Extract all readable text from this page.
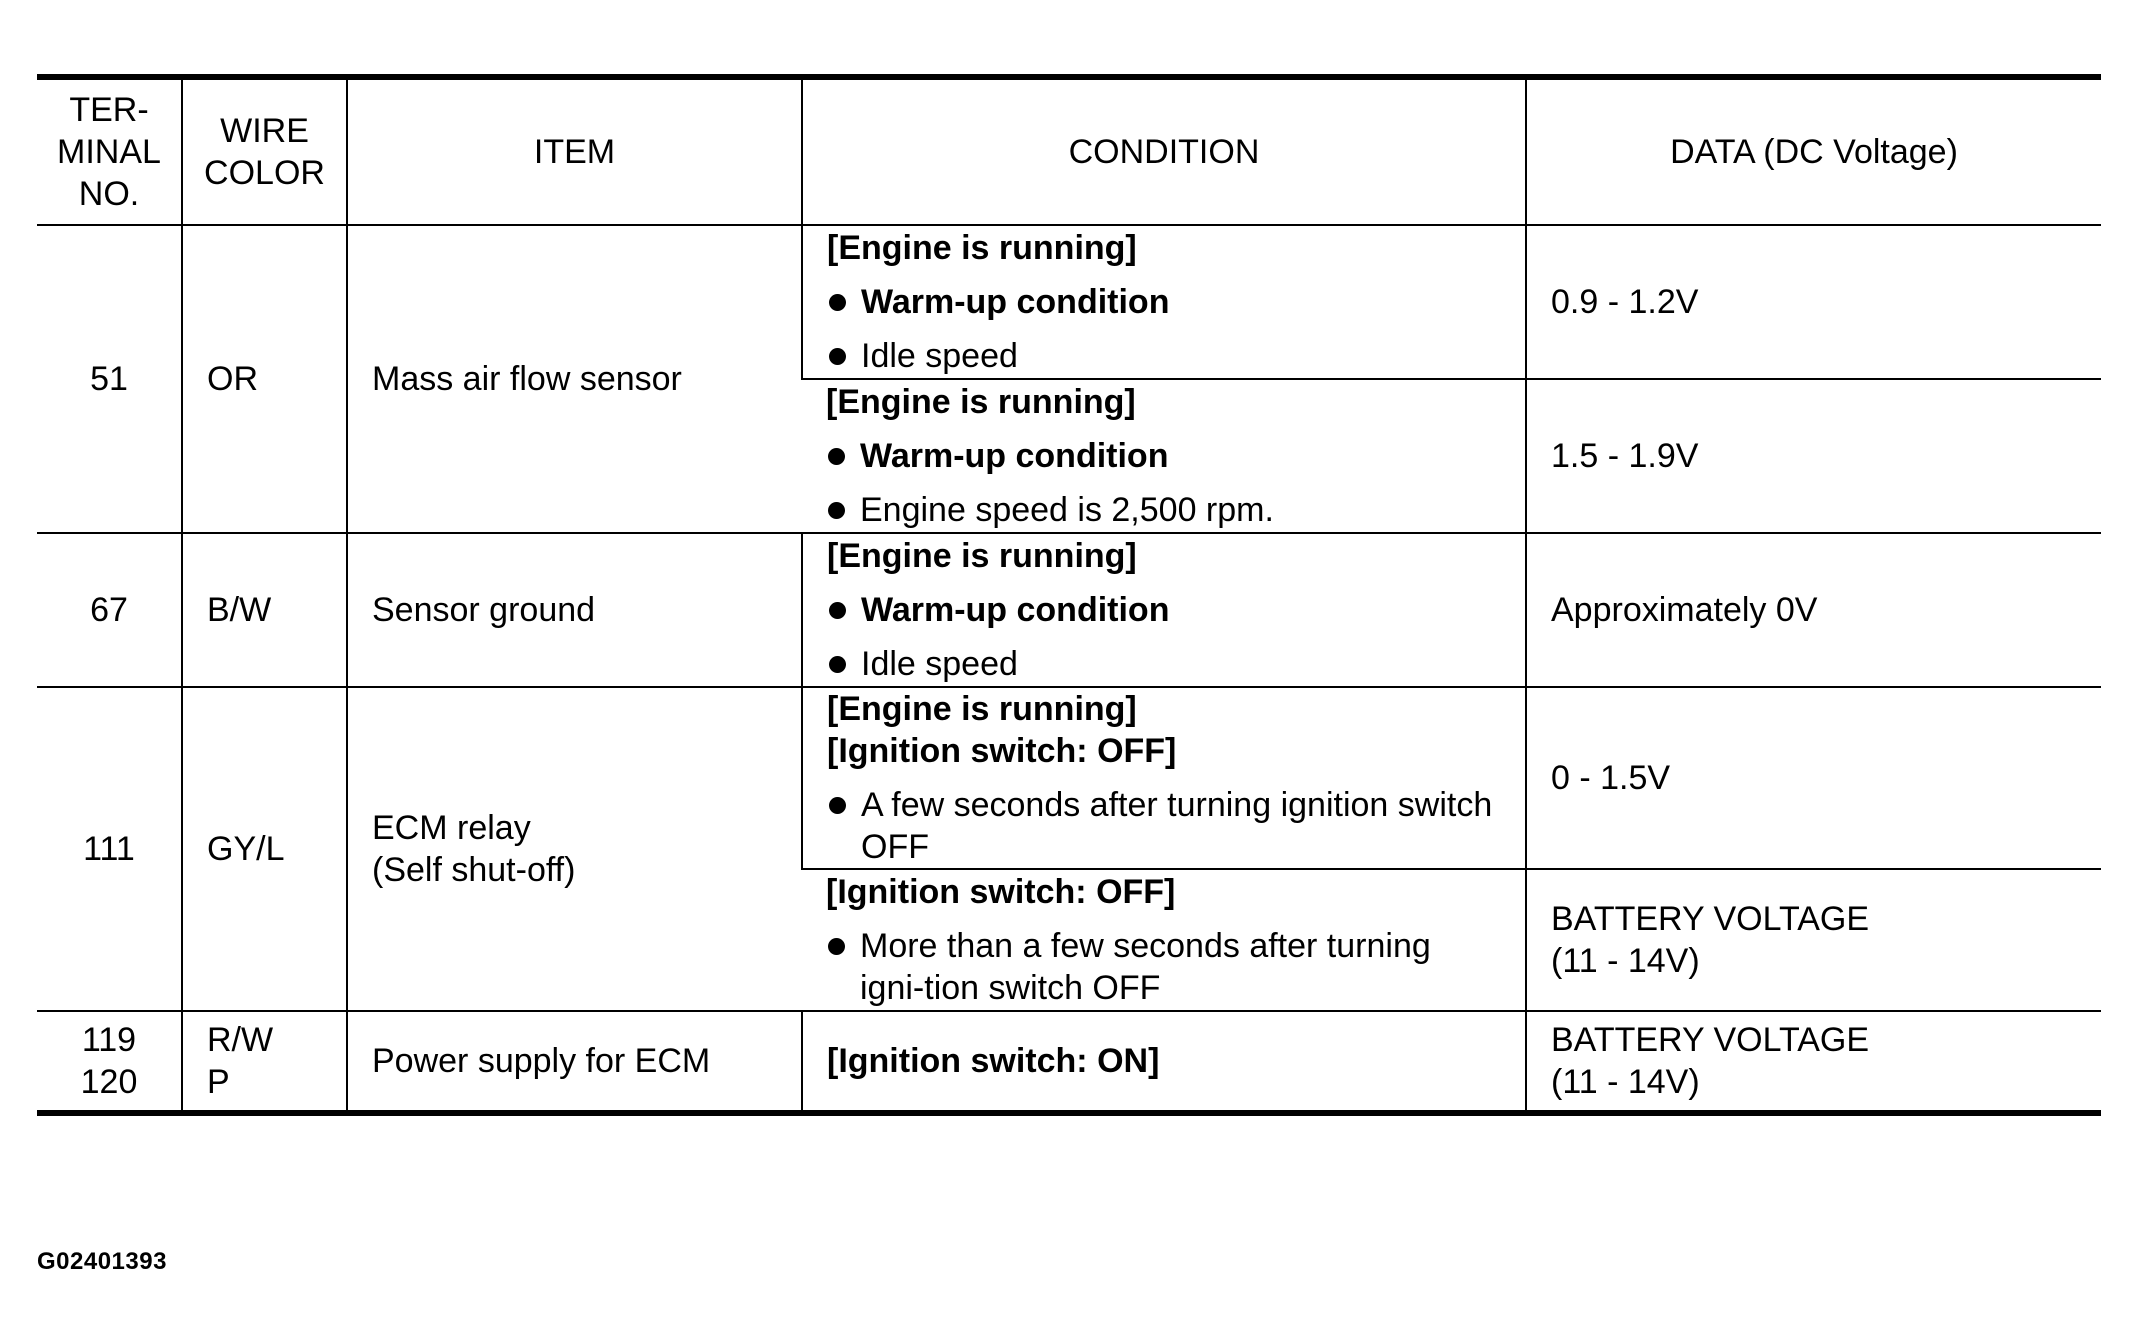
TER-
MINAL
NO.	WIRE
COLOR	ITEM	CONDITION	DATA (DC Voltage)
51	OR	Mass air flow sensor	[Engine is running]
Warm-up condition
Idle speed	0.9 - 1.2V

			[Engine is running]
Warm-up condition
Engine speed is 2,500 rpm.	1.5 - 1.9V
67	B/W	Sensor ground	[Engine is running]
Warm-up condition
Idle speed	Approximately 0V
111	GY/L	ECM relay
(Self shut-off)	[Engine is running]
[Ignition switch: OFF]
A few seconds after turning ignition switch OFF	0 - 1.5V

			[Ignition switch: OFF]
More than a few seconds after turning igni-tion switch OFF	BATTERY VOLTAGE
(11 - 14V)

119
120	R/W
P	Power supply for ECM	[Ignition switch: ON]	BATTERY VOLTAGE
(11 - 14V)
G02401393
